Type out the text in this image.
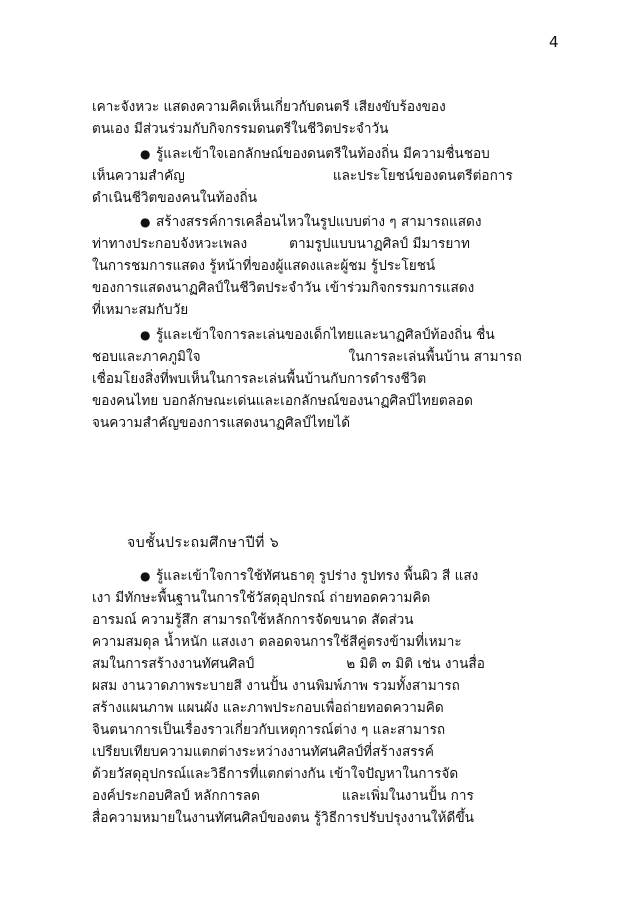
4
เคาะจังหวะ แสดงความคิดเห็นเกี่ยวกับดนตรี เสียงขับร้องของ
ตนเอง มีส่วนร่วมกับกิจกรรมดนตรีในชีวิตประจำวัน
● รู้และเข้าใจเอกลักษณ์ของดนตรีในท้องถิ่น มีความชื่นชอบ
เห็นความสำคัญ	และประโยชน์ของดนตรีต่อการ
ดำเนินชีวิตของคนในท้องถิ่น
● สร้างสรรค์การเคลื่อนไหวในรูปแบบต่าง ๆ สามารถแสดง
ท่าทางประกอบจังหวะเพลง	ตามรูปแบบนาฏศิลป์ มีมารยาท
ในการชมการแสดง รู้หน้าที่ของผู้แสดงและผู้ชม รู้ประโยชน์
ของการแสดงนาฏศิลป์ในชีวิตประจำวัน เข้าร่วมกิจกรรมการแสดง
ที่เหมาะสมกับวัย
● รู้และเข้าใจการละเล่นของเด็กไทยและนาฏศิลป์ท้องถิ่น ชื่น
ชอบและภาคภูมิใจ	ในการละเล่นพื้นบ้าน สามารถ
เชื่อมโยงสิ่งที่พบเห็นในการละเล่นพื้นบ้านกับการดำรงชีวิต
ของคนไทย บอกลักษณะเด่นและเอกลักษณ์ของนาฏศิลป์ไทยตลอด
จนความสำคัญของการแสดงนาฏศิลป์ไทยได้
จบชั้นประถมศึกษาปีที่ ๖
● รู้และเข้าใจการใช้ทัศนธาตุ รูปร่าง รูปทรง พื้นผิว สี แสง
เงา มีทักษะพื้นฐานในการใช้วัสดุอุปกรณ์ ถ่ายทอดความคิด
อารมณ์ ความรู้สึก สามารถใช้หลักการจัดขนาด สัดส่วน
ความสมดุล น้ำหนัก แสงเงา ตลอดจนการใช้สีคู่ตรงข้ามที่เหมาะ
สมในการสร้างงานทัศนศิลป์	๒ มิติ ๓ มิติ เช่น งานสื่อ
ผสม งานวาดภาพระบายสี งานปั้น งานพิมพ์ภาพ รวมทั้งสามารถ
สร้างแผนภาพ แผนผัง และภาพประกอบเพื่อถ่ายทอดความคิด
จินตนาการเป็นเรื่องราวเกี่ยวกับเหตุการณ์ต่าง ๆ และสามารถ
เปรียบเทียบความแตกต่างระหว่างงานทัศนศิลป์ที่สร้างสรรค์
ด้วยวัสดุอุปกรณ์และวิธีการที่แตกต่างกัน เข้าใจปัญหาในการจัด
องค์ประกอบศิลป์ หลักการลด	และเพิ่มในงานปั้น การ
สื่อความหมายในงานทัศนศิลป์ของตน รู้วิธีการปรับปรุงงานให้ดีขึ้น
